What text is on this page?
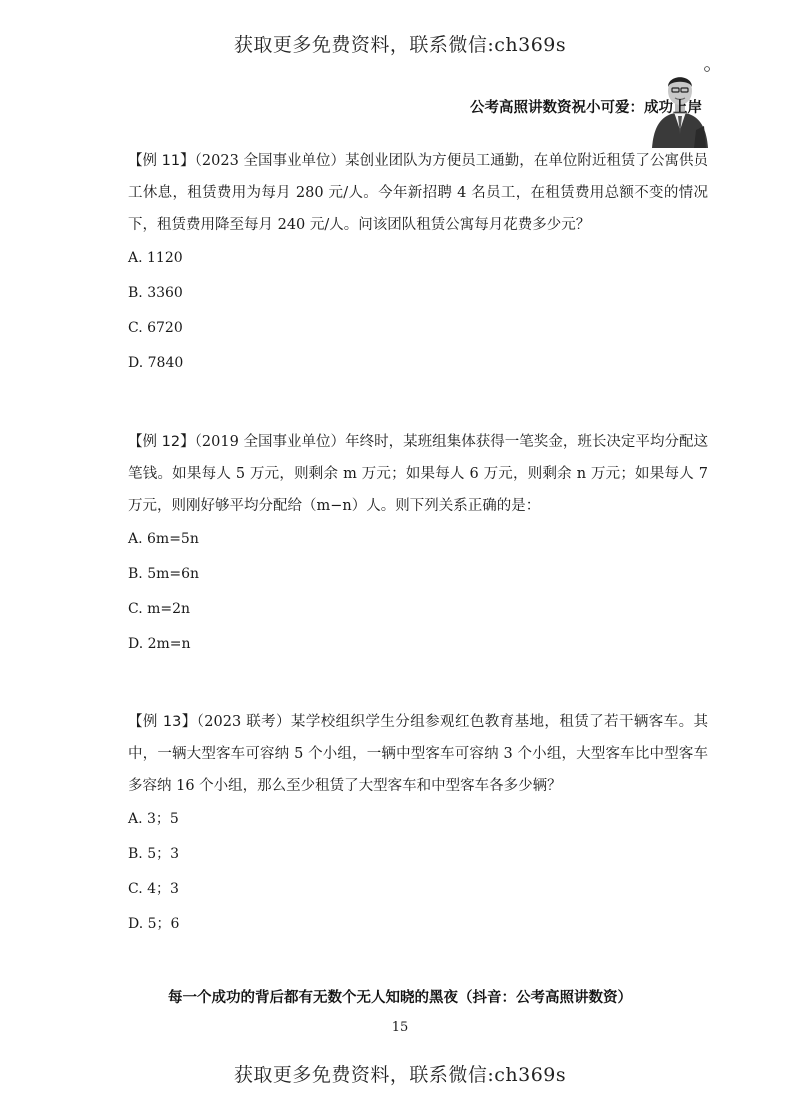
获取更多免费资料，联系微信:ch369s
公考高照讲数资祝小可爱：成功上岸

【例 11】（2023 全国事业单位）某创业团队为方便员工通勤，在单位附近租赁了公寓供员工休息，租赁费用为每月 280 元/人。今年新招聘 4 名员工，在租赁费用总额不变的情况下，租赁费用降至每月 240 元/人。问该团队租赁公寓每月花费多少元？

A. 1120

B. 3360

C. 6720

D. 7840

【例 12】（2019 全国事业单位）年终时，某班组集体获得一笔奖金，班长决定平均分配这笔钱。如果每人 5 万元，则剩余 m 万元；如果每人 6 万元，则剩余 n 万元；如果每人 7 万元，则刚好够平均分配给（m−n）人。则下列关系正确的是：

A. 6m=5n

B. 5m=6n

C. m=2n

D. 2m=n

【例 13】（2023 联考）某学校组织学生分组参观红色教育基地，租赁了若干辆客车。其中，一辆大型客车可容纳 5 个小组，一辆中型客车可容纳 3 个小组，大型客车比中型客车多容纳 16 个小组，那么至少租赁了大型客车和中型客车各多少辆？

A. 3；5

B. 5；3

C. 4；3

D. 5；6

每一个成功的背后都有无数个无人知晓的黑夜（抖音：公考高照讲数资）
15
获取更多免费资料，联系微信:ch369s
